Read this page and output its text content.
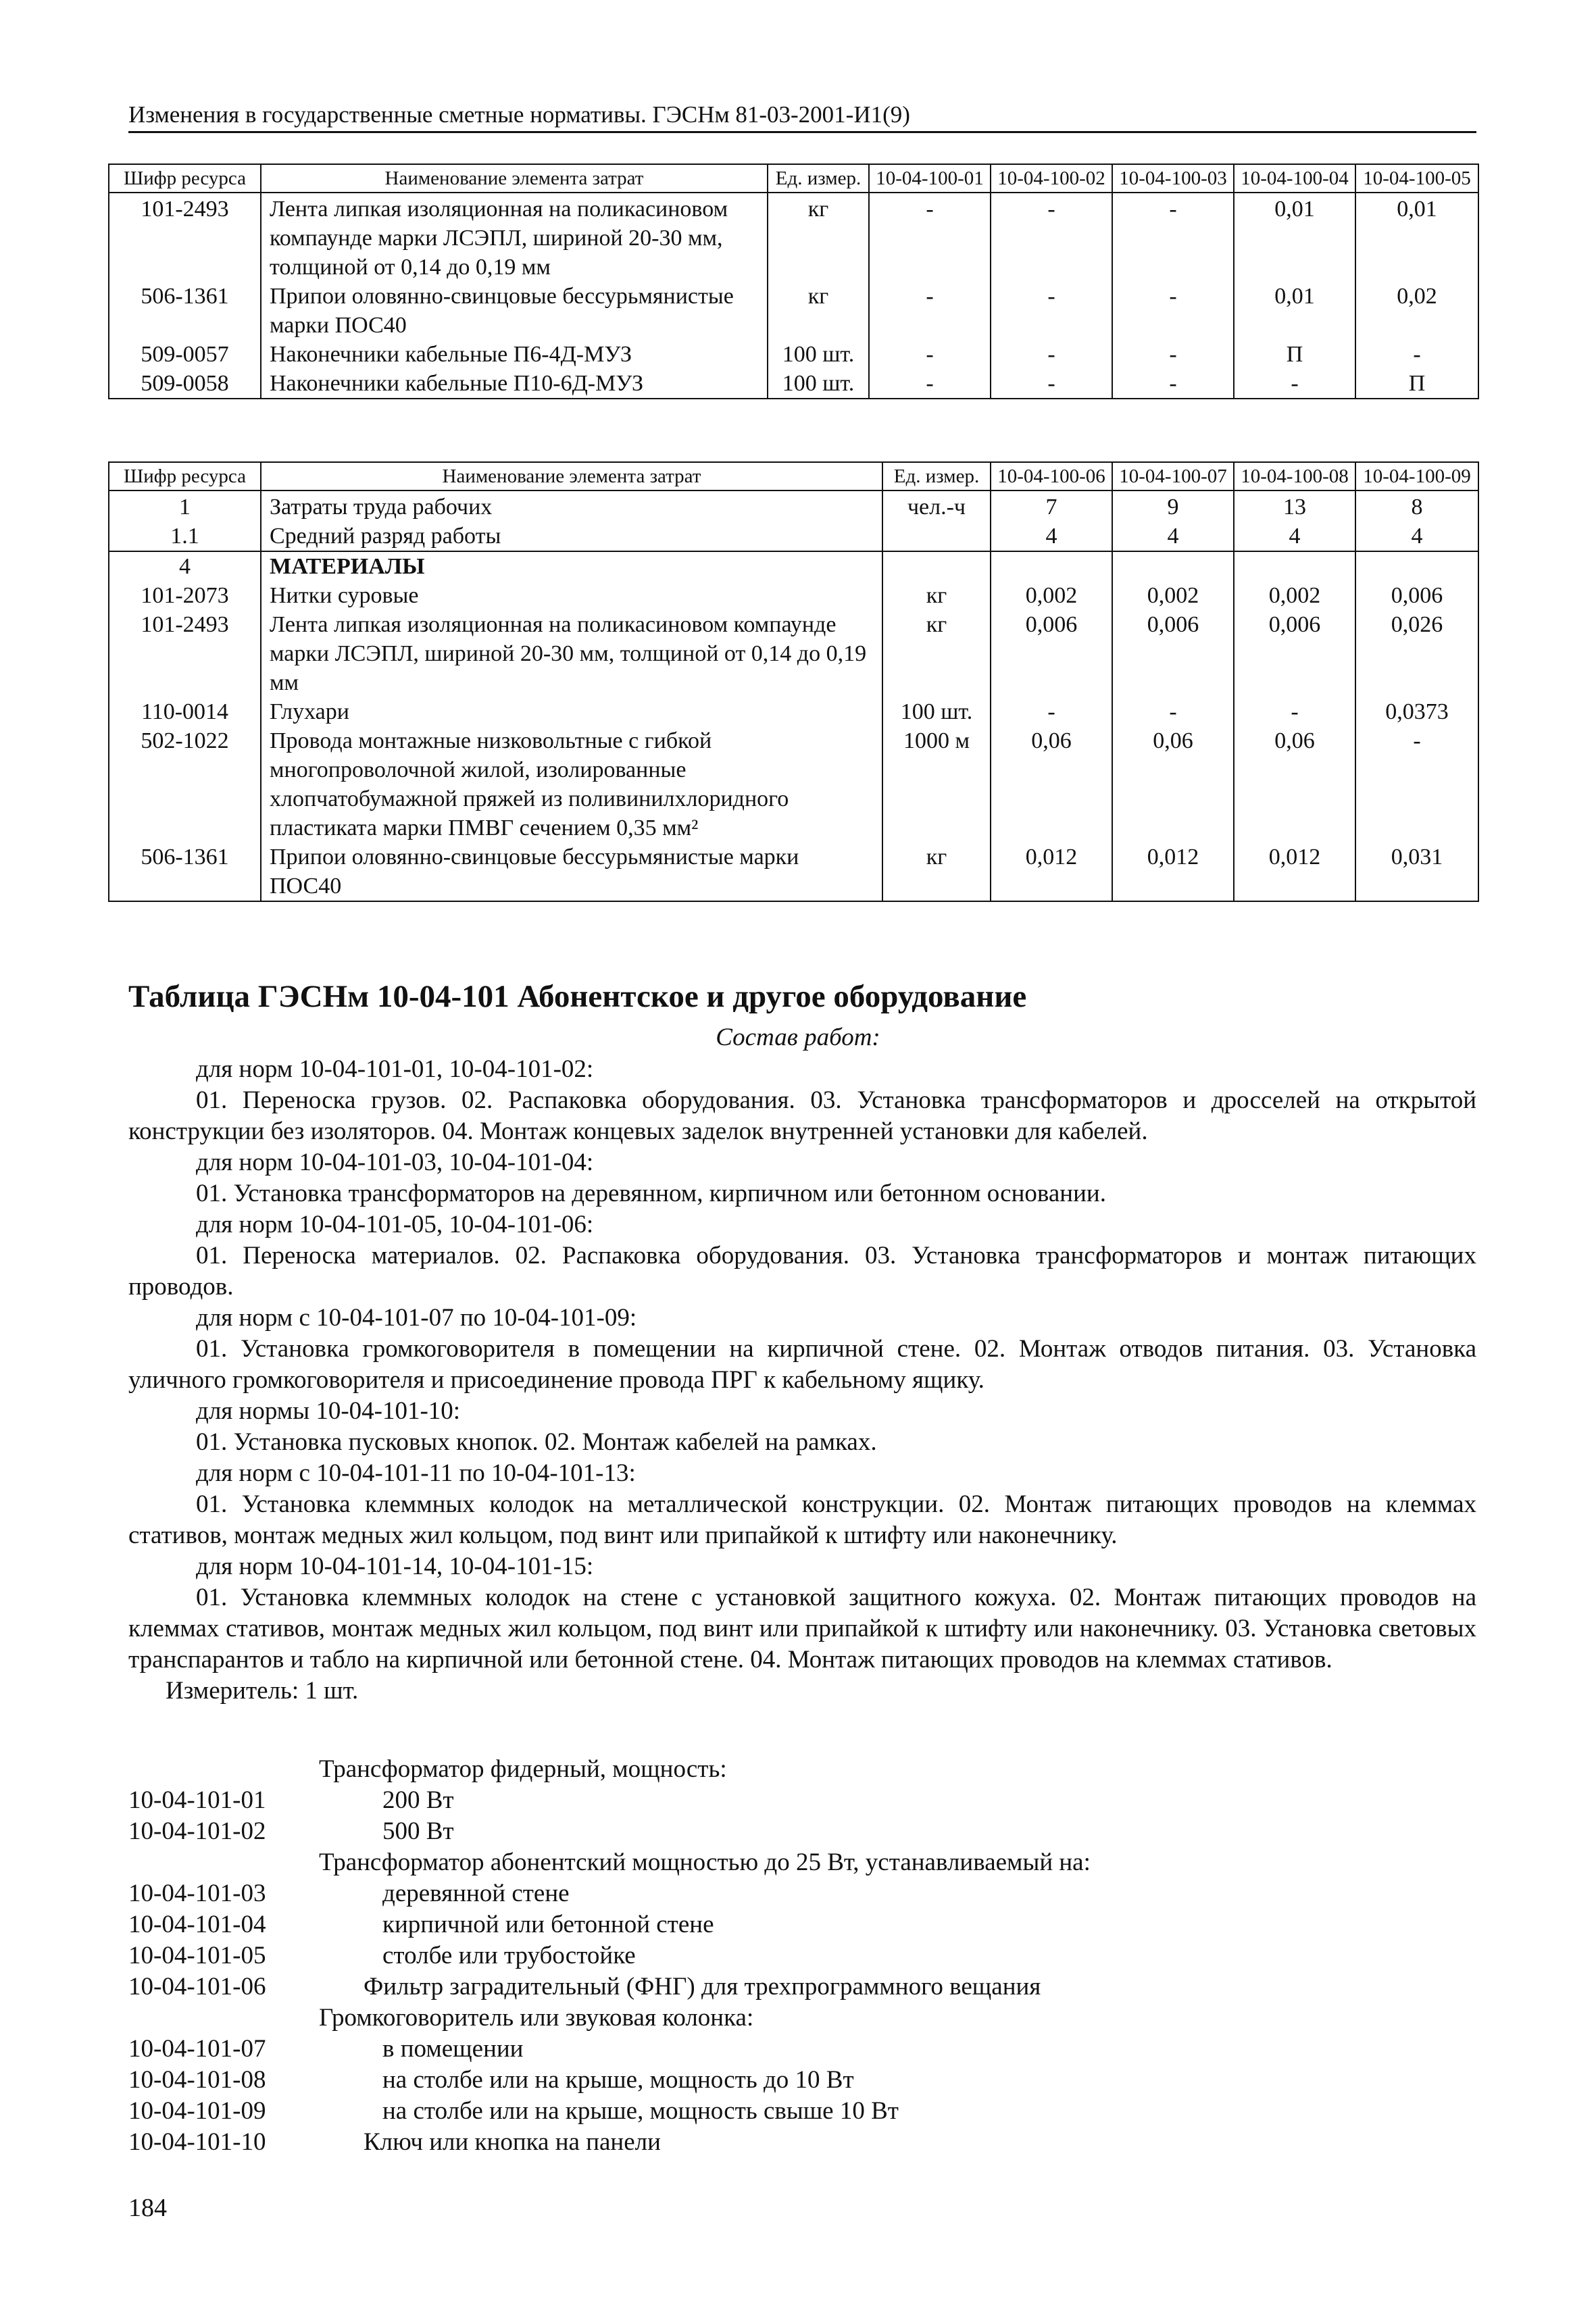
Изменения в государственные сметные нормативы. ГЭСНм 81-03-2001-И1(9)
Шифр ресурса	Наименование элемента затрат	Ед. измер.	10-04-100-01	10-04-100-02	10-04-100-03	10-04-100-04	10-04-100-05
101-2493	Лента липкая изоляционная на поликасиновом компаунде марки ЛСЭПЛ, шириной 20-30 мм, толщиной от 0,14 до 0,19 мм	кг	-	-	-	0,01	0,01
506-1361	Припои оловянно-свинцовые бессурьмянистые марки ПОС40	кг	-	-	-	0,01	0,02
509-0057	Наконечники кабельные П6-4Д-МУЗ	100 шт.	-	-	-	П	-
509-0058	Наконечники кабельные П10-6Д-МУЗ	100 шт.	-	-	-	-	П
Шифр ресурса	Наименование элемента затрат	Ед. измер.	10-04-100-06	10-04-100-07	10-04-100-08	10-04-100-09
1	Затраты труда рабочих	чел.-ч	7	9	13	8
1.1	Средний разряд работы		4	4	4	4
4	МАТЕРИАЛЫ					
101-2073	Нитки суровые	кг	0,002	0,002	0,002	0,006
101-2493	Лента липкая изоляционная на поликасиновом компаунде марки ЛСЭПЛ, шириной 20-30 мм, толщиной от 0,14 до 0,19 мм	кг	0,006	0,006	0,006	0,026
110-0014	Глухари	100 шт.	-	-	-	0,0373
502-1022	Провода монтажные низковольтные с гибкой многопроволочной жилой, изолированные хлопчатобумажной пряжей из поливинилхлоридного пластиката марки ПМВГ сечением 0,35 мм²	1000 м	0,06	0,06	0,06	-
506-1361	Припои оловянно-свинцовые бессурьмянистые марки ПОС40	кг	0,012	0,012	0,012	0,031
Таблица ГЭСНм 10-04-101 Абонентское и другое оборудование
Состав работ:

для норм 10-04-101-01, 10-04-101-02:

01. Переноска грузов. 02. Распаковка оборудования. 03. Установка трансформаторов и дросселей на открытой конструкции без изоляторов. 04. Монтаж концевых заделок внутренней установки для кабелей.

для норм 10-04-101-03, 10-04-101-04:

01. Установка трансформаторов на деревянном, кирпичном или бетонном основании.

для норм 10-04-101-05, 10-04-101-06:

01. Переноска материалов. 02. Распаковка оборудования. 03. Установка трансформаторов и монтаж питающих проводов.

для норм с 10-04-101-07 по 10-04-101-09:

01. Установка громкоговорителя в помещении на кирпичной стене. 02. Монтаж отводов питания. 03. Установка уличного громкоговорителя и присоединение провода ПРГ к кабельному ящику.

для нормы 10-04-101-10:

01. Установка пусковых кнопок. 02. Монтаж кабелей на рамках.

для норм с 10-04-101-11 по 10-04-101-13:

01. Установка клеммных колодок на металлической конструкции. 02. Монтаж питающих проводов на клеммах стативов, монтаж медных жил кольцом, под винт или припайкой к штифту или наконечнику.

для норм 10-04-101-14, 10-04-101-15:

01. Установка клеммных колодок на стене с установкой защитного кожуха. 02. Монтаж питающих проводов на клеммах стативов, монтаж медных жил кольцом, под винт или припайкой к штифту или наконечнику. 03. Установка световых транспарантов и табло на кирпичной или бетонной стене. 04. Монтаж питающих проводов на клеммах стативов.

Измеритель: 1 шт.

Трансформатор фидерный, мощность:
10-04-101-01	200 Вт
10-04-101-02	500 Вт
Трансформатор абонентский мощностью до 25 Вт, устанавливаемый на:
10-04-101-03	деревянной стене
10-04-101-04	кирпичной или бетонной стене
10-04-101-05	столбе или трубостойке
10-04-101-06	Фильтр заградительный (ФНГ) для трехпрограммного вещания
Громкоговоритель или звуковая колонка:
10-04-101-07	в помещении
10-04-101-08	на столбе или на крыше, мощность до 10 Вт
10-04-101-09	на столбе или на крыше, мощность свыше 10 Вт
10-04-101-10	Ключ или кнопка на панели
184
